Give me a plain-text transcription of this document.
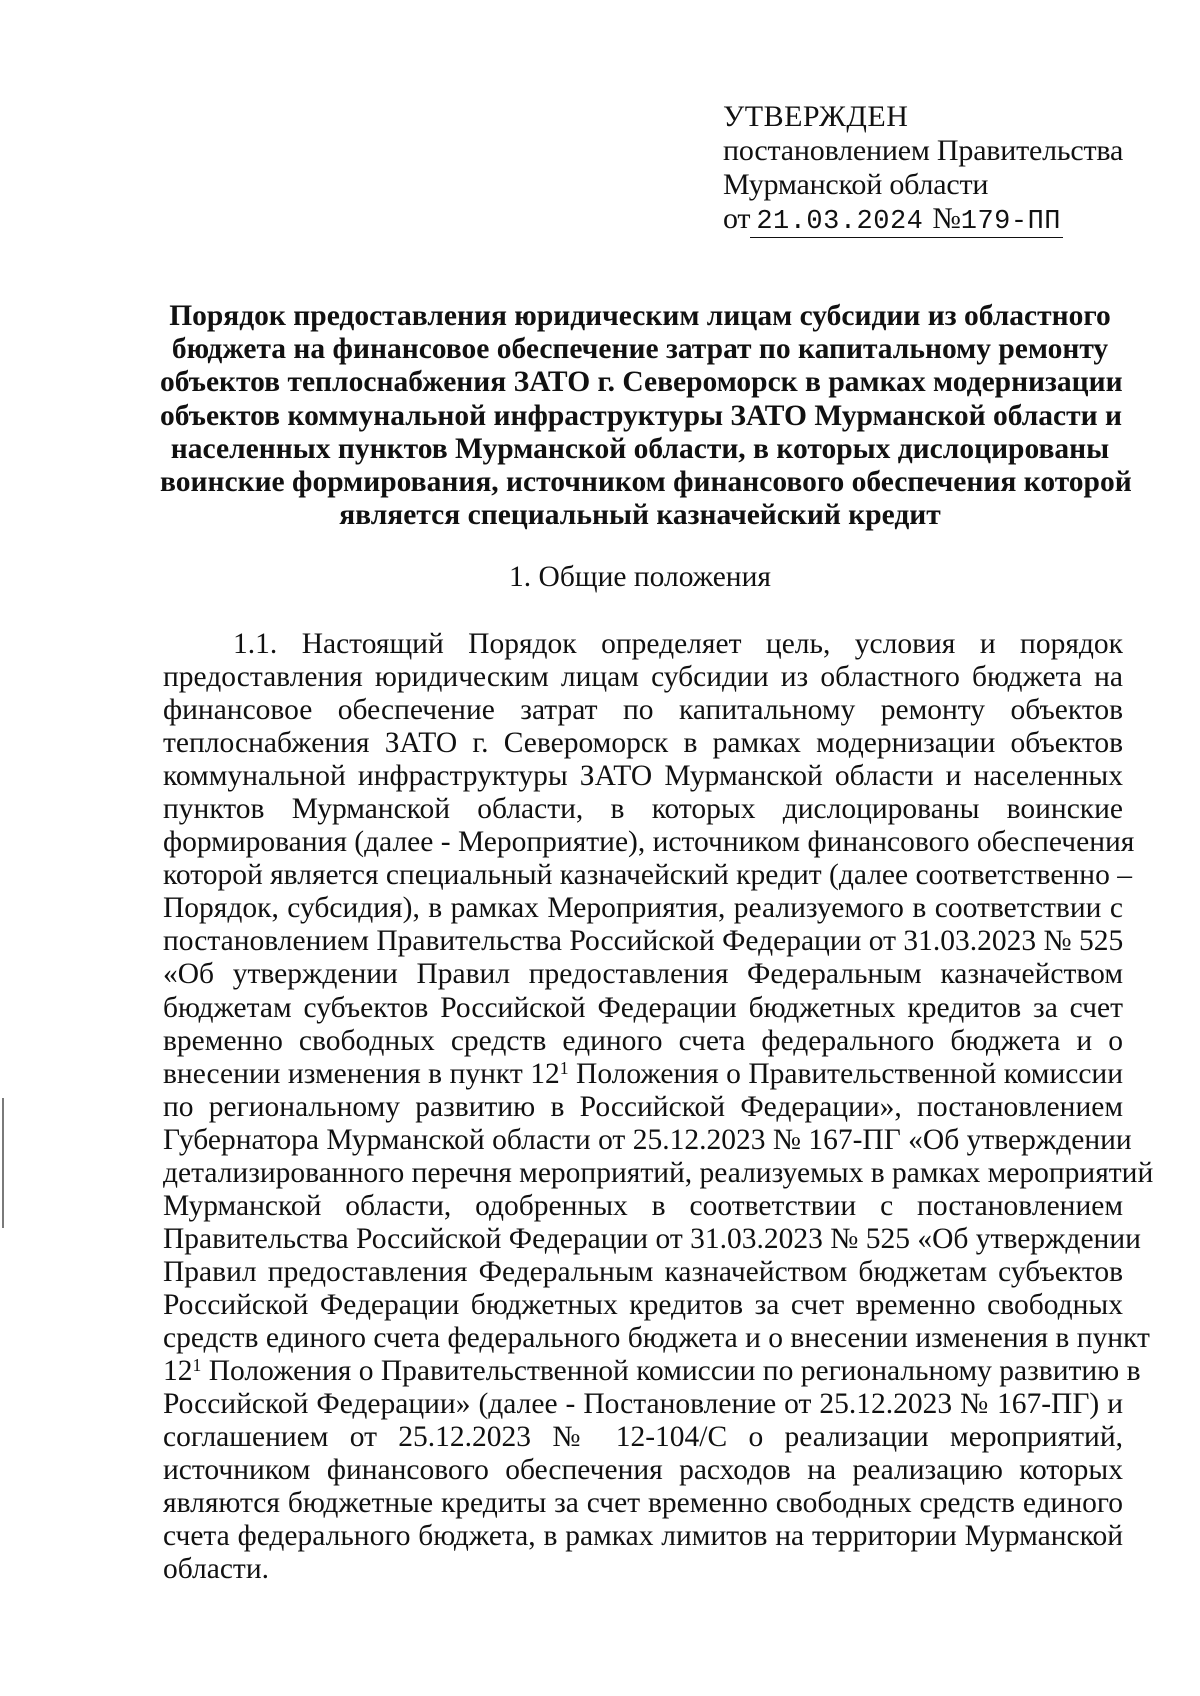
УТВЕРЖДЕН
постановлением Правительства
Мурманской области
от 21.03.2024 №179-ПП
Порядок предоставления юридическим лицам субсидии из областного
бюджета на финансовое обеспечение затрат по капитальному ремонту
объектов теплоснабжения ЗАТО г. Североморск в рамках модернизации
объектов коммунальной инфраструктуры ЗАТО Мурманской области и
населенных пунктов Мурманской области, в которых дислоцированы
воинские формирования, источником финансового обеспечения которой
является специальный казначейский кредит
1. Общие положения
1.1. Настоящий Порядок определяет цель, условия и порядок
предоставления юридическим лицам субсидии из областного бюджета на
финансовое обеспечение затрат по капитальному ремонту объектов
теплоснабжения ЗАТО г. Североморск в рамках модернизации объектов
коммунальной инфраструктуры ЗАТО Мурманской области и населенных
пунктов Мурманской области, в которых дислоцированы воинские
формирования (далее - Мероприятие), источником финансового обеспечения
которой является специальный казначейский кредит (далее соответственно –
Порядок, субсидия), в рамках Мероприятия, реализуемого в соответствии с
постановлением Правительства Российской Федерации от 31.03.2023 № 525
«Об утверждении Правил предоставления Федеральным казначейством
бюджетам субъектов Российской Федерации бюджетных кредитов за счет
временно свободных средств единого счета федерального бюджета и о
внесении изменения в пункт $12^1$ Положения о Правительственной комиссии
по региональному развитию в Российской Федерации», постановлением
Губернатора Мурманской области от 25.12.2023 № 167-ПГ «Об утверждении
детализированного перечня мероприятий, реализуемых в рамках мероприятий
Мурманской области, одобренных в соответствии с постановлением
Правительства Российской Федерации от 31.03.2023 № 525 «Об утверждении
Правил предоставления Федеральным казначейством бюджетам субъектов
Российской Федерации бюджетных кредитов за счет временно свободных
средств единого счета федерального бюджета и о внесении изменения в пункт
$12^1$ Положения о Правительственной комиссии по региональному развитию в
Российской Федерации» (далее - Постановление от 25.12.2023 № 167-ПГ) и
соглашением от 25.12.2023 № 12-104/С о реализации мероприятий,
источником финансового обеспечения расходов на реализацию которых
являются бюджетные кредиты за счет временно свободных средств единого
счета федерального бюджета, в рамках лимитов на территории Мурманской
области.
